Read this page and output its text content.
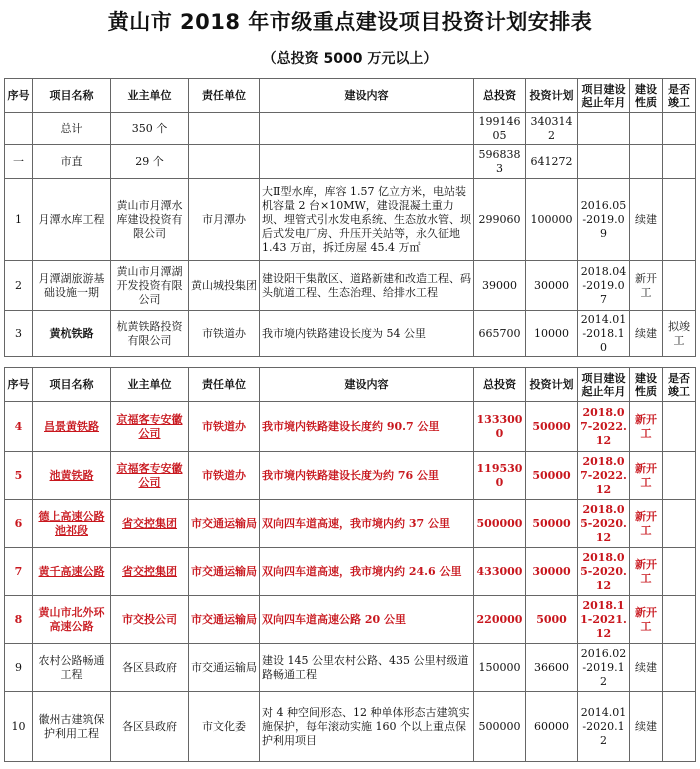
黄山市 2018 年市级重点建设项目投资计划安排表
（总投资 5000 万元以上）
序号	项目名称	业主单位	责任单位	建设内容	总投资	投资计划	项目建设起止年月	建设性质	是否竣工
	总计	350 个			19914605	3403142			
一	市直	29 个			5968383	641272			
1	月潭水库工程	黄山市月潭水库建设投资有限公司	市月潭办	大Ⅱ型水库，库容 1.57 亿立方米，电站装机容量 2 台×10MW，建设混凝土重力坝、埋管式引水发电系统、生态放水管、坝后式发电厂房、升压开关站等，永久征地 1.43 万亩，拆迁房屋 45.4 万㎡	299060	100000	2016.05-2019.09	续建	
2	月潭湖旅游基础设施一期	黄山市月潭湖开发投资有限公司	黄山城投集团	建设阳干集散区、道路新建和改造工程、码头航道工程、生态治理、给排水工程	39000	30000	2018.04-2019.07	新开工	
3	黄杭铁路	杭黄铁路投资有限公司	市铁道办	我市境内铁路建设长度为 54 公里	665700	10000	2014.01-2018.10	续建	拟竣工
序号	项目名称	业主单位	责任单位	建设内容	总投资	投资计划	项目建设起止年月	建设性质	是否竣工
4	昌景黄铁路	京福客专安徽公司	市铁道办	我市境内铁路建设长度约 90.7 公里	1333000	50000	2018.07-2022.12	新开工	
5	池黄铁路	京福客专安徽公司	市铁道办	我市境内铁路建设长度为约 76 公里	1195300	50000	2018.07-2022.12	新开工	
6	德上高速公路池祁段	省交控集团	市交通运输局	双向四车道高速，我市境内约 37 公里	500000	50000	2018.05-2020.12	新开工	
7	黄千高速公路	省交控集团	市交通运输局	双向四车道高速，我市境内约 24.6 公里	433000	30000	2018.05-2020.12	新开工	
8	黄山市北外环高速公路	市交投公司	市交通运输局	双向四车道高速公路 20 公里	220000	5000	2018.11-2021.12	新开工	
9	农村公路畅通工程	各区县政府	市交通运输局	建设 145 公里农村公路、435 公里村级道路畅通工程	150000	36600	2016.02-2019.12	续建	
10	徽州古建筑保护利用工程	各区县政府	市文化委	对 4 种空间形态、12 种单体形态古建筑实施保护，每年滚动实施 160 个以上重点保护利用项目	500000	60000	2014.01-2020.12	续建	
